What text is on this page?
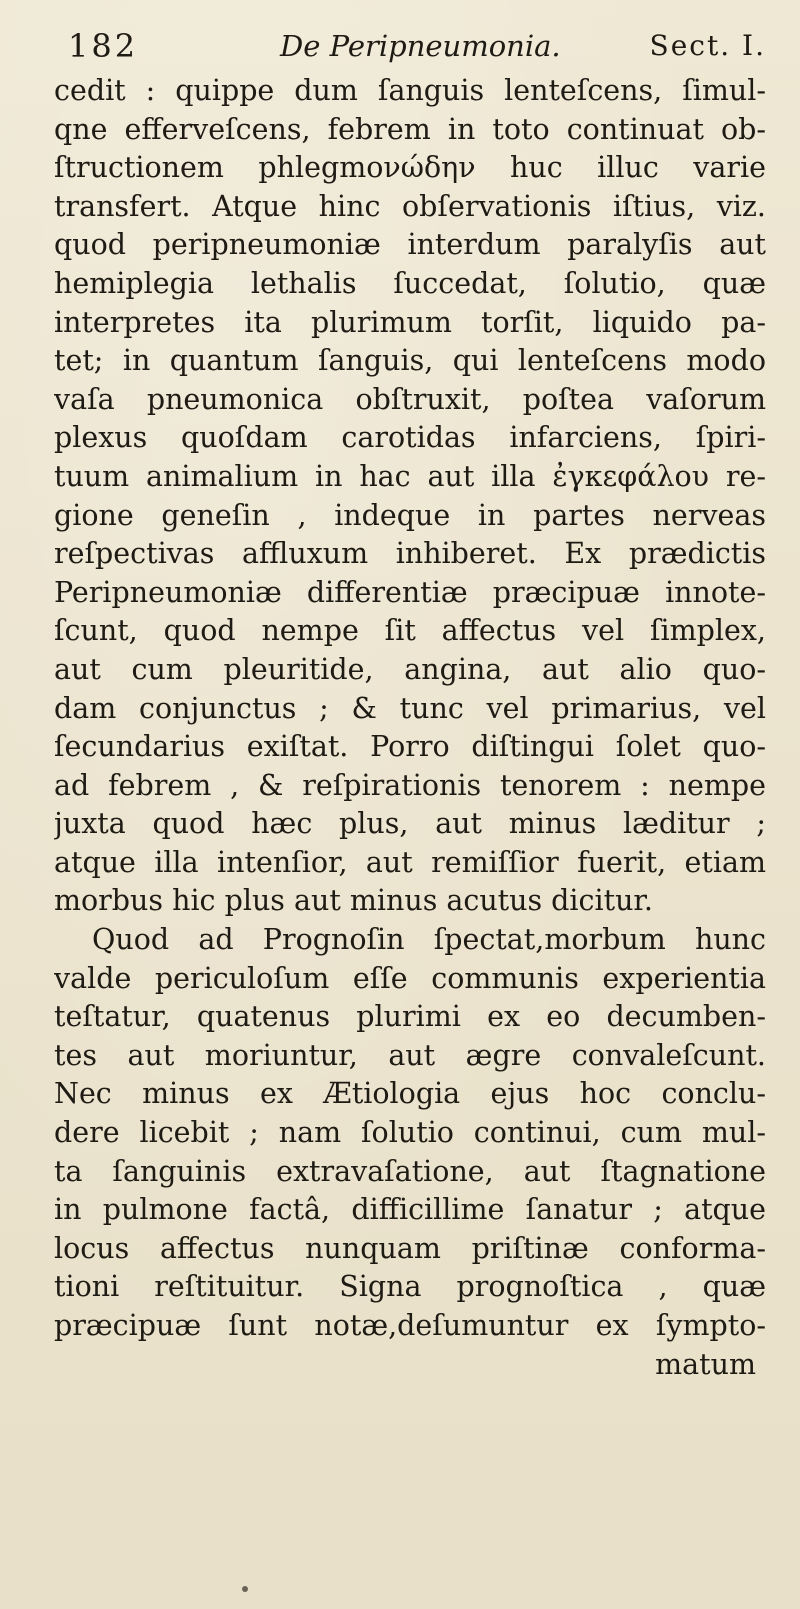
182	De Peripneumonia.	Sect. I.
cedit : quippe dum ſanguis lenteſcens, ſimul-
qne efferveſcens, febrem in toto continuat ob-
ſtructionem phlegmoνώδην huc illuc varie
transfert. Atque hinc obſervationis iſtius, viz.
quod peripneumoniæ interdum paralyſis aut
hemiplegia lethalis ſuccedat, ſolutio, quæ
interpretes ita plurimum torſit, liquido pa-
tet; in quantum ſanguis, qui lenteſcens modo
vaſa pneumonica obſtruxit, poſtea vaſorum
plexus quoſdam carotidas infarciens, ſpiri-
tuum animalium in hac aut illa ἐγκεφάλου re-
gione geneſin , indeque in partes nerveas
reſpectivas affluxum inhiberet. Ex prædictis
Peripneumoniæ differentiæ præcipuæ innote-
ſcunt, quod nempe ſit affectus vel ſimplex,
aut cum pleuritide, angina, aut alio quo-
dam conjunctus ; & tunc vel primarius, vel
ſecundarius exiſtat. Porro diſtingui ſolet quo-
ad febrem , & reſpirationis tenorem : nempe
juxta quod hæc plus, aut minus læditur ;
atque illa intenſior, aut remiſſior fuerit, etiam
morbus hic plus aut minus acutus dicitur.
Quod ad Prognoſin ſpectat,morbum hunc
valde periculoſum eſſe communis experientia
teſtatur, quatenus plurimi ex eo decumben-
tes aut moriuntur, aut ægre convaleſcunt.
Nec minus ex Ætiologia ejus hoc conclu-
dere licebit ; nam ſolutio continui, cum mul-
ta ſanguinis extravaſatione, aut ſtagnatione
in pulmone factâ, difficillime ſanatur ; atque
locus affectus nunquam priſtinæ conforma-
tioni reſtituitur. Signa prognoſtica , quæ
præcipuæ ſunt notæ,deſumuntur ex ſympto-
matum
